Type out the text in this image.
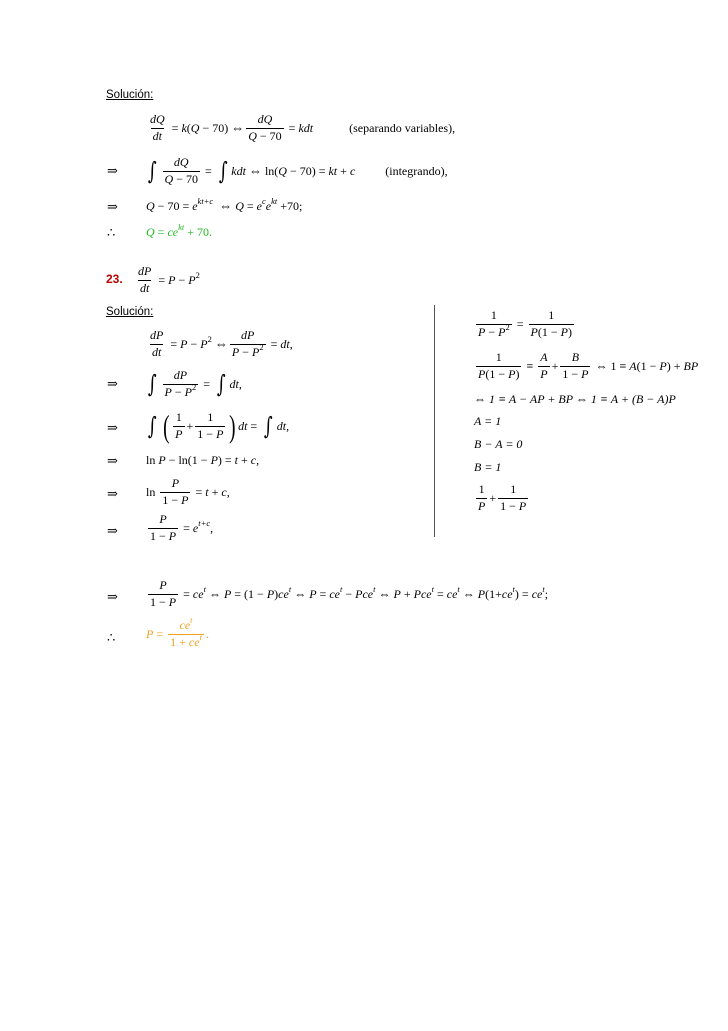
Solución:
$\frac{dQ}{dt} = k(Q - 70)$ ⇔ $\frac{dQ}{Q - 70}$ = kdt	(separando variables),
⇒ ∫ $\frac{dQ}{Q - 70}$ = ∫ kdt ⇔ ln(Q − 70) = kt + c	(integrando),
⇒ $Q - 70 = e^{kt+c}$ ⇔ $Q = e^ce^{kt} +70$;
∴	$Q = ce^{kt} + 70$.
23. $\frac{dP}{dt} = P - P^2$
Solución:
$\frac{dP}{dt} = P - P^2$ ⇔ $\frac{dP}{P - P^2}$ = dt,
⇒ ∫ $\frac{dP}{P - P^2}$ = ∫ dt,
⇒ ∫ ( $\frac{1}{P} + \frac{1}{1 - P}$ ) dt = ∫ dt,
⇒ ln P − ln(1 − P) = t + c,
⇒ $\ln \frac{P}{1 - P} = t + c$,
⇒	$\frac{P}{1 - P} = e^{t+c}$,
$\frac{1}{P - P^2} = \frac{1}{P(1 - P)}$
$\frac{1}{P(1 - P)} \equiv \frac{A}{P} + \frac{B}{1 - P}$ ⇔ 1 ≡ A(1 − P) + BP
⇔ 1 ≡ A − AP + BP ⇔ 1 ≡ A + (B − A)P
A = 1
B − A = 0
B = 1
$\frac{1}{P} + \frac{1}{1 - P}$
⇒	$\frac{P}{1 - P} = ce^t$ ⇔ $P = (1 - P)ce^t$ ⇔ $P = ce^t - Pce^t$ ⇔ $P + Pce^t = ce^t$ ⇔ $P(1+ce^t) = ce^t$;
∴	$P = \frac{ce^t}{1 + ce^t}$ .
